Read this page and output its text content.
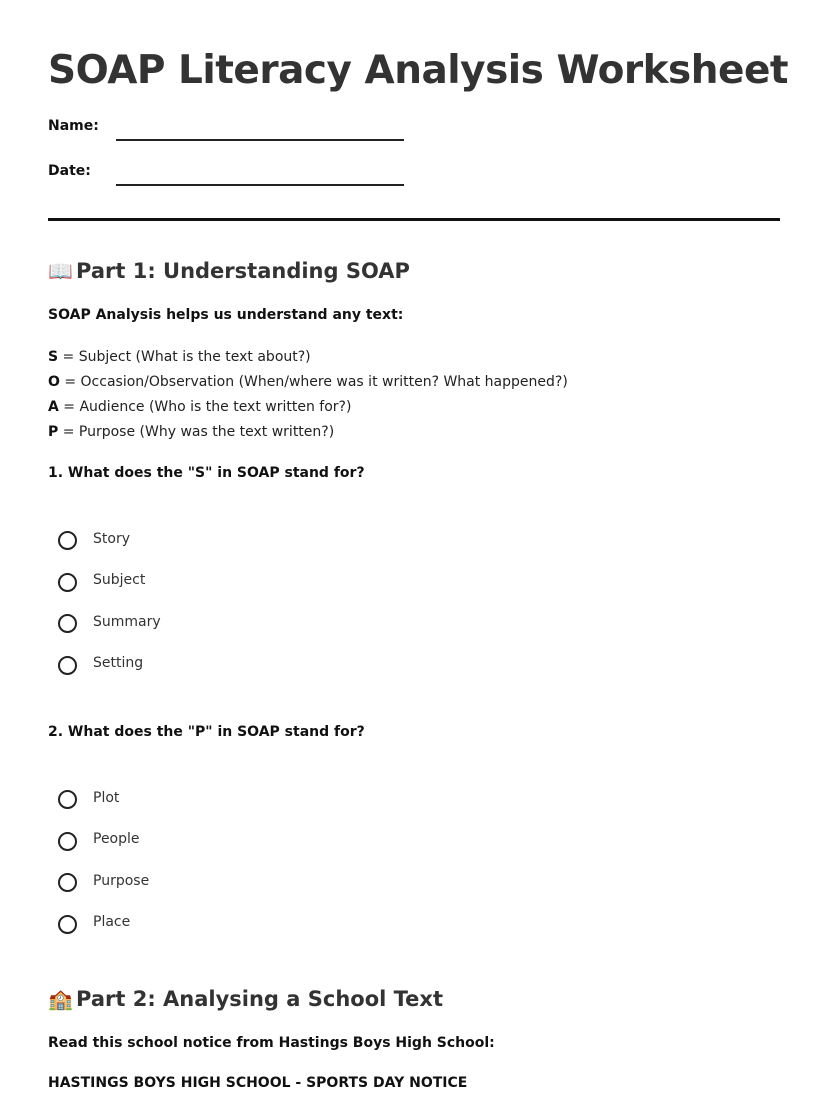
SOAP Literacy Analysis Worksheet
Name:
Date:
📖 Part 1: Understanding SOAP
SOAP Analysis helps us understand any text:
S = Subject (What is the text about?)
O = Occasion/Observation (When/where was it written? What happened?)
A = Audience (Who is the text written for?)
P = Purpose (Why was the text written?)
1. What does the "S" in SOAP stand for?
Story
Subject
Summary
Setting
2. What does the "P" in SOAP stand for?
Plot
People
Purpose
Place
🏫 Part 2: Analysing a School Text
Read this school notice from Hastings Boys High School:
HASTINGS BOYS HIGH SCHOOL - SPORTS DAY NOTICE
